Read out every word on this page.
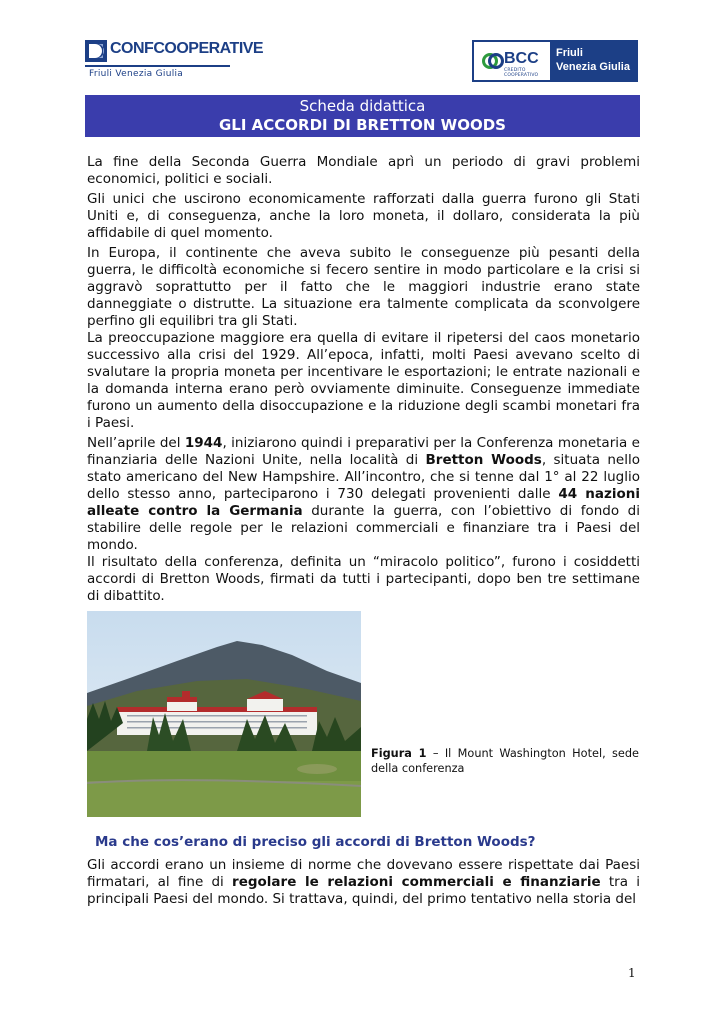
CONFCOOPERATIVE
Friuli Venezia Giulia
BCC
CREDITO COOPERATIVO
Friuli
Venezia Giulia
Scheda didattica
GLI ACCORDI DI BRETTON WOODS

La fine della Seconda Guerra Mondiale aprì un periodo di gravi problemi economici, politici e sociali.

Gli unici che uscirono economicamente rafforzati dalla guerra furono gli Stati Uniti e, di conseguenza, anche la loro moneta, il dollaro, considerata la più affidabile di quel momento.

In Europa, il continente che aveva subito le conseguenze più pesanti della guerra, le difficoltà economiche si fecero sentire in modo particolare e la crisi si aggravò soprattutto per il fatto che le maggiori industrie erano state danneggiate o distrutte. La situazione era talmente complicata da sconvolgere perfino gli equilibri tra gli Stati.

La preoccupazione maggiore era quella di evitare il ripetersi del caos monetario successivo alla crisi del 1929. All’epoca, infatti, molti Paesi avevano scelto di svalutare la propria moneta per incentivare le esportazioni; le entrate nazionali e la domanda interna erano però ovviamente diminuite. Conseguenze immediate furono un aumento della disoccupazione e la riduzione degli scambi monetari fra i Paesi.

Nell’aprile del 1944, iniziarono quindi i preparativi per la Conferenza monetaria e finanziaria delle Nazioni Unite, nella località di Bretton Woods, situata nello stato americano del New Hampshire. All’incontro, che si tenne dal 1° al 22 luglio dello stesso anno, parteciparono i 730 delegati provenienti dalle 44 nazioni alleate contro la Germania durante la guerra, con l’obiettivo di fondo di stabilire delle regole per le relazioni commerciali e finanziare tra i Paesi del mondo.

Il risultato della conferenza, definita un “miracolo politico”, furono i cosiddetti accordi di Bretton Woods, firmati da tutti i partecipanti, dopo ben tre settimane di dibattito.

Figura 1 – Il Mount Washington Hotel, sede della conferenza
Ma che cos’erano di preciso gli accordi di Bretton Woods?

Gli accordi erano un insieme di norme che dovevano essere rispettate dai Paesi firmatari, al fine di regolare le relazioni commerciali e finanziarie tra i principali Paesi del mondo. Si trattava, quindi, del primo tentativo nella storia del

1
